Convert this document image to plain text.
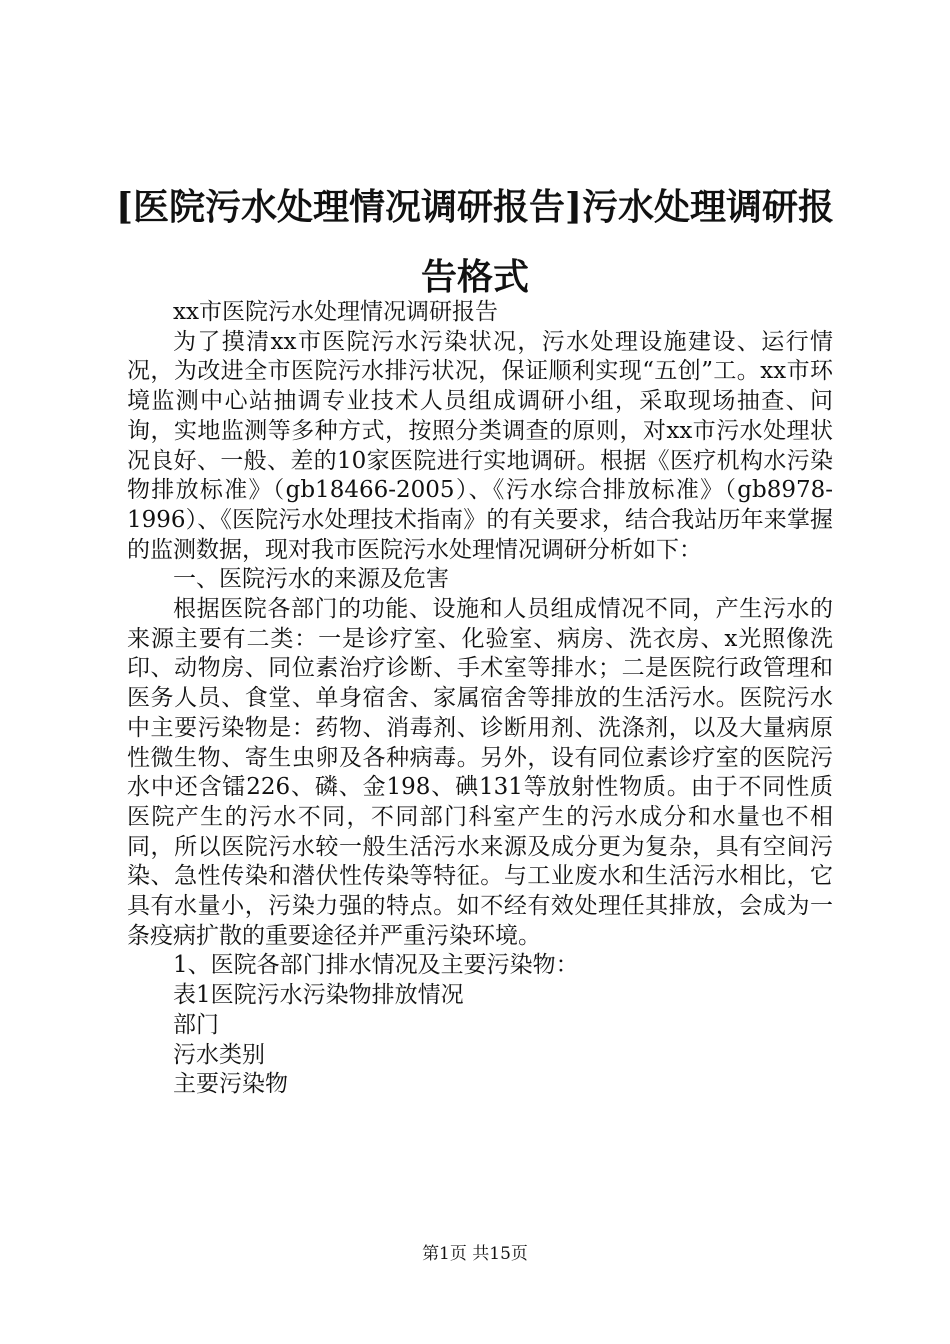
[医院污水处理情况调研报告]污水处理调研报告格式

xx市医院污水处理情况调研报告

为了摸清xx市医院污水污染状况，污水处理设施建设、运行情况，为改进全市医院污水排污状况，保证顺利实现“五创”工。xx市环境监测中心站抽调专业技术人员组成调研小组，采取现场抽查、问询，实地监测等多种方式，按照分类调查的原则，对xx市污水处理状况良好、一般、差的10家医院进行实地调研。根据《医疗机构水污染物排放标准》（gb18466-2005）、《污水综合排放标准》（gb8978-1996）、《医院污水处理技术指南》的有关要求，结合我站历年来掌握的监测数据，现对我市医院污水处理情况调研分析如下：

一、医院污水的来源及危害

根据医院各部门的功能、设施和人员组成情况不同，产生污水的来源主要有二类：一是诊疗室、化验室、病房、洗衣房、x光照像洗印、动物房、同位素治疗诊断、手术室等排水；二是医院行政管理和医务人员、食堂、单身宿舍、家属宿舍等排放的生活污水。医院污水中主要污染物是：药物、消毒剂、诊断用剂、洗涤剂，以及大量病原性微生物、寄生虫卵及各种病毒。另外，设有同位素诊疗室的医院污水中还含镭226、磷、金198、碘131等放射性物质。由于不同性质医院产生的污水不同，不同部门科室产生的污水成分和水量也不相同，所以医院污水较一般生活污水来源及成分更为复杂，具有空间污染、急性传染和潜伏性传染等特征。与工业废水和生活污水相比，它具有水量小，污染力强的特点。如不经有效处理任其排放，会成为一条疫病扩散的重要途径并严重污染环境。

1、医院各部门排水情况及主要污染物：

表1医院污水污染物排放情况

部门

污水类别

主要污染物

第1页 共15页
